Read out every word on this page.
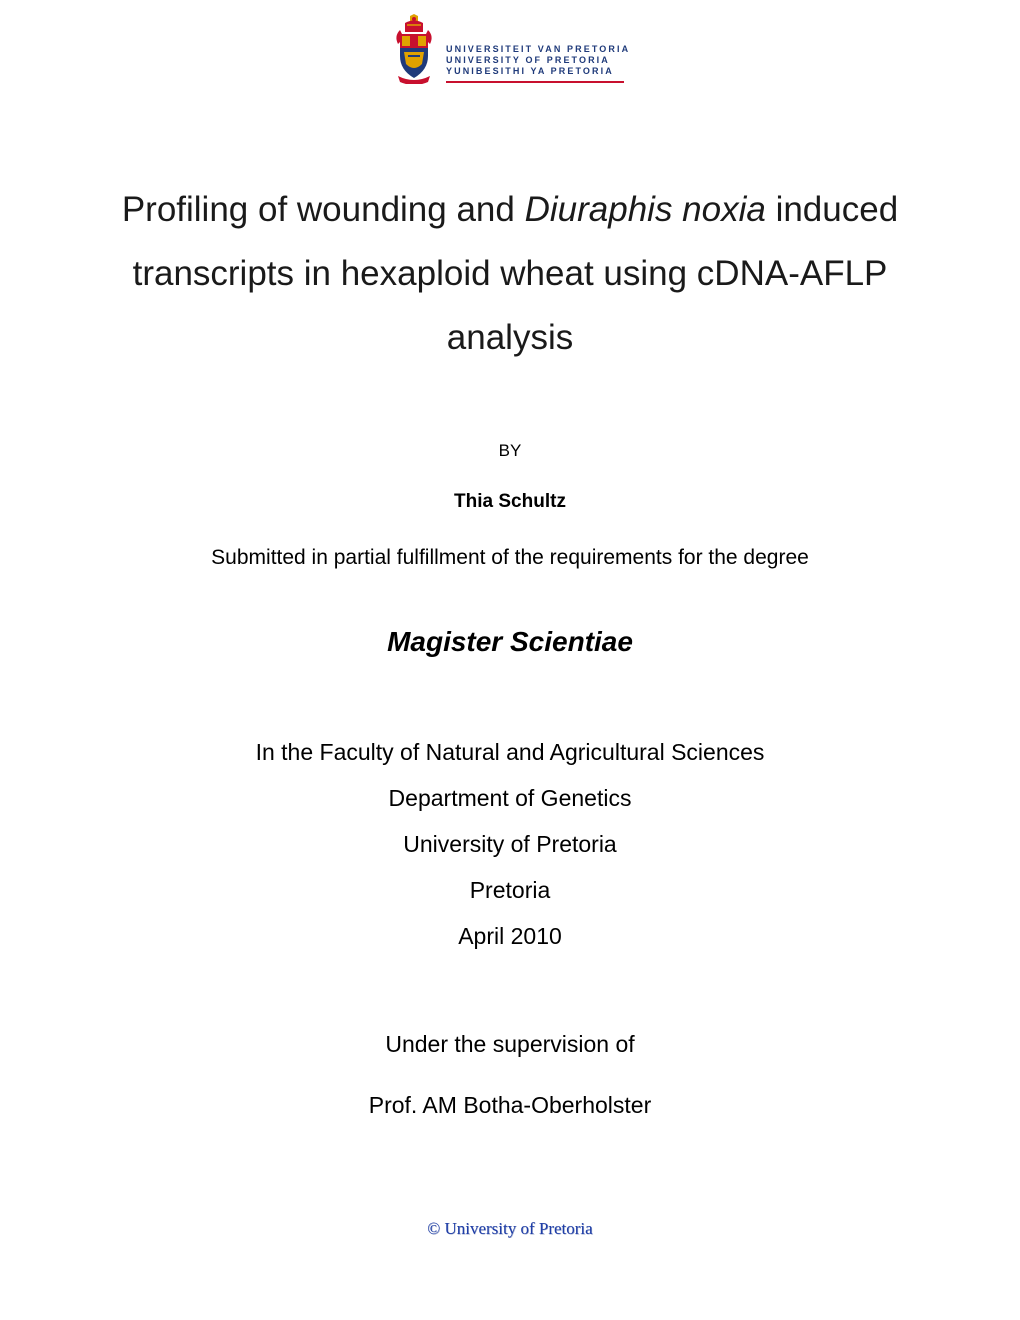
UNIVERSITEIT VAN PRETORIA
UNIVERSITY OF PRETORIA
YUNIBESITHI YA PRETORIA
Profiling of wounding and Diuraphis noxia induced
transcripts in hexaploid wheat using cDNA-AFLP
analysis
BY
Thia Schultz
Submitted in partial fulfillment of the requirements for the degree
Magister Scientiae
In the Faculty of Natural and Agricultural Sciences
Department of Genetics
University of Pretoria
Pretoria
April 2010
Under the supervision of
Prof. AM Botha-Oberholster
© University of Pretoria
